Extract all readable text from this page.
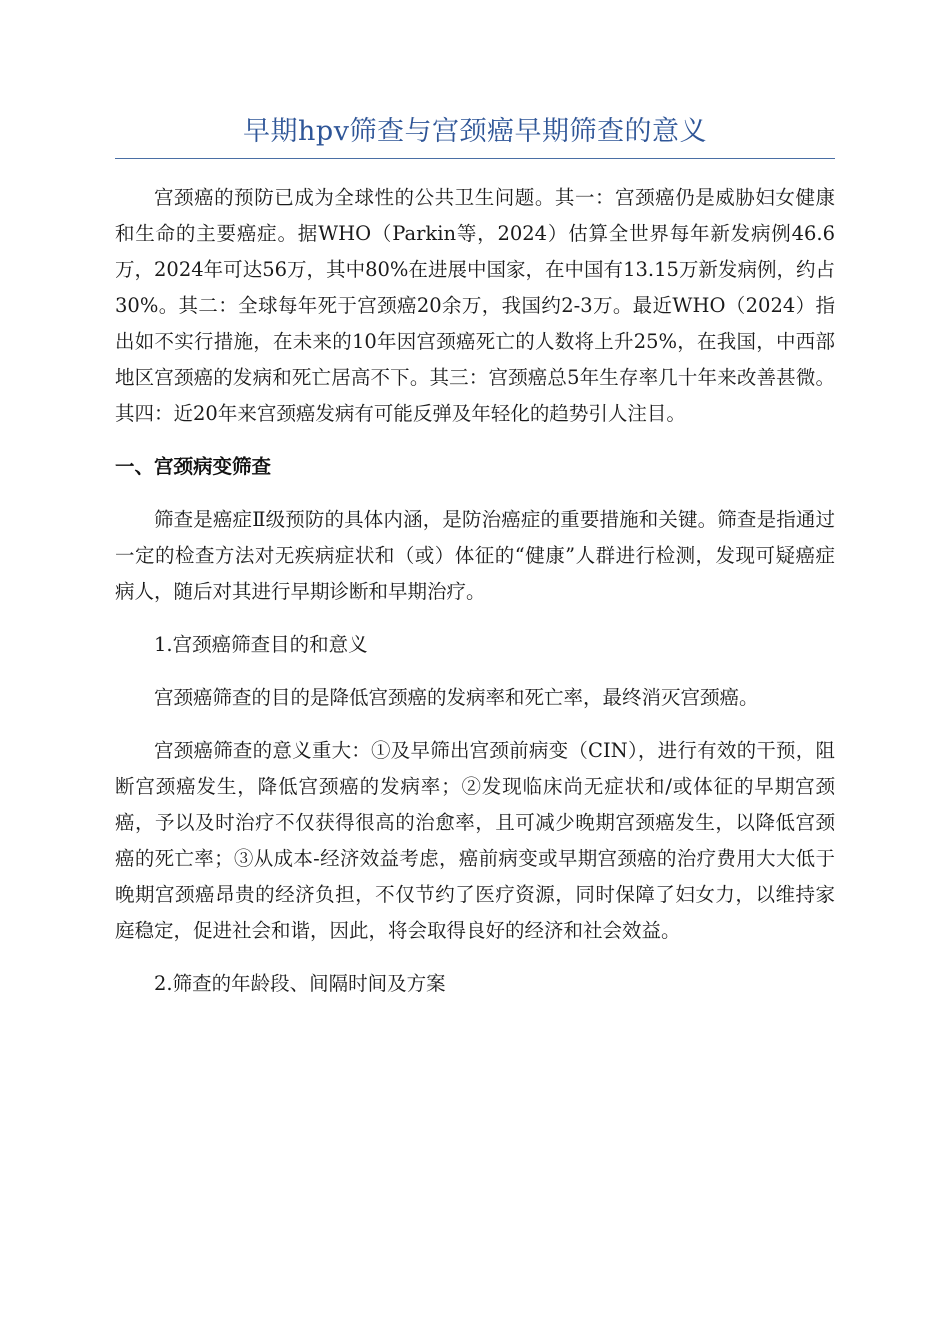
早期hpv筛查与宫颈癌早期筛查的意义

宫颈癌的预防已成为全球性的公共卫生问题。其一：宫颈癌仍是威胁妇女健康和生命的主要癌症。据WHO（Parkin等，2024）估算全世界每年新发病例46.6万，2024年可达56万，其中80%在进展中国家，在中国有13.15万新发病例，约占30%。其二：全球每年死于宫颈癌20余万，我国约2-3万。最近WHO（2024）指出如不实行措施，在未来的10年因宫颈癌死亡的人数将上升25%，在我国，中西部地区宫颈癌的发病和死亡居高不下。其三：宫颈癌总5年生存率几十年来改善甚微。其四：近20年来宫颈癌发病有可能反弹及年轻化的趋势引人注目。

一、宫颈病变筛查

筛查是癌症Ⅱ级预防的具体内涵，是防治癌症的重要措施和关键。筛查是指通过一定的检查方法对无疾病症状和（或）体征的“健康”人群进行检测，发现可疑癌症病人，随后对其进行早期诊断和早期治疗。

1.宫颈癌筛查目的和意义

宫颈癌筛查的目的是降低宫颈癌的发病率和死亡率，最终消灭宫颈癌。

宫颈癌筛查的意义重大：①及早筛出宫颈前病变（CIN），进行有效的干预，阻断宫颈癌发生，降低宫颈癌的发病率；②发现临床尚无症状和/或体征的早期宫颈癌，予以及时治疗不仅获得很高的治愈率，且可减少晚期宫颈癌发生，以降低宫颈癌的死亡率；③从成本-经济效益考虑，癌前病变或早期宫颈癌的治疗费用大大低于晚期宫颈癌昂贵的经济负担，不仅节约了医疗资源，同时保障了妇女力，以维持家庭稳定，促进社会和谐，因此，将会取得良好的经济和社会效益。

2.筛查的年龄段、间隔时间及方案
